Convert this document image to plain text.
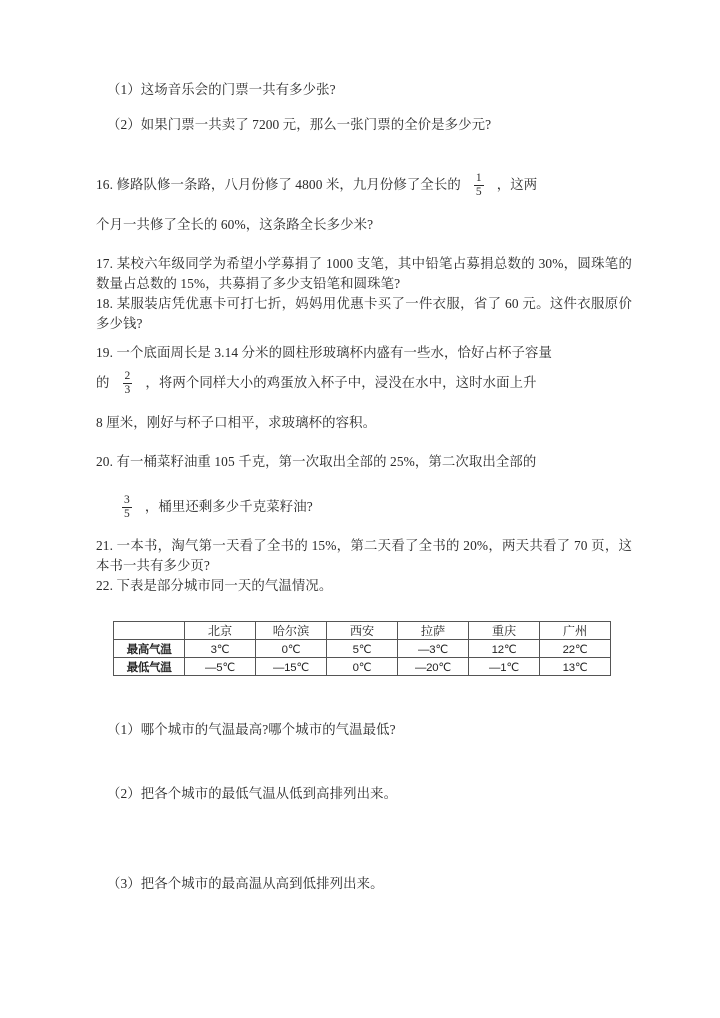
（1）这场音乐会的门票一共有多少张?
（2）如果门票一共卖了 7200 元，那么一张门票的全价是多少元?
16. 修路队修一条路，八月份修了 4800 米，九月份修了全长的 $\frac{1}{5}$ ，这两
个月一共修了全长的 60%，这条路全长多少米?
17. 某校六年级同学为希望小学募捐了 1000 支笔，其中铅笔占募捐总数的 30%，圆珠笔的数量占总数的 15%，共募捐了多少支铅笔和圆珠笔?
18. 某服装店凭优惠卡可打七折，妈妈用优惠卡买了一件衣服，省了 60 元。这件衣服原价多少钱?
19. 一个底面周长是 3.14 分米的圆柱形玻璃杯内盛有一些水，恰好占杯子容量
的 $\frac{2}{3}$ ，将两个同样大小的鸡蛋放入杯子中，浸没在水中，这时水面上升
8 厘米，刚好与杯子口相平，求玻璃杯的容积。
20. 有一桶菜籽油重 105 千克，第一次取出全部的 25%，第二次取出全部的
$\frac{3}{5}$ ，桶里还剩多少千克菜籽油?
21. 一本书，淘气第一天看了全书的 15%，第二天看了全书的 20%，两天共看了 70 页，这本书一共有多少页?
22. 下表是部分城市同一天的气温情况。
	北京	哈尔滨	西安	拉萨	重庆	广州
最高气温	3℃	0℃	5℃	—3℃	12℃	22℃
最低气温	—5℃	—15℃	0℃	—20℃	—1℃	13℃
（1）哪个城市的气温最高?哪个城市的气温最低?
（2）把各个城市的最低气温从低到高排列出来。
（3）把各个城市的最高温从高到低排列出来。
